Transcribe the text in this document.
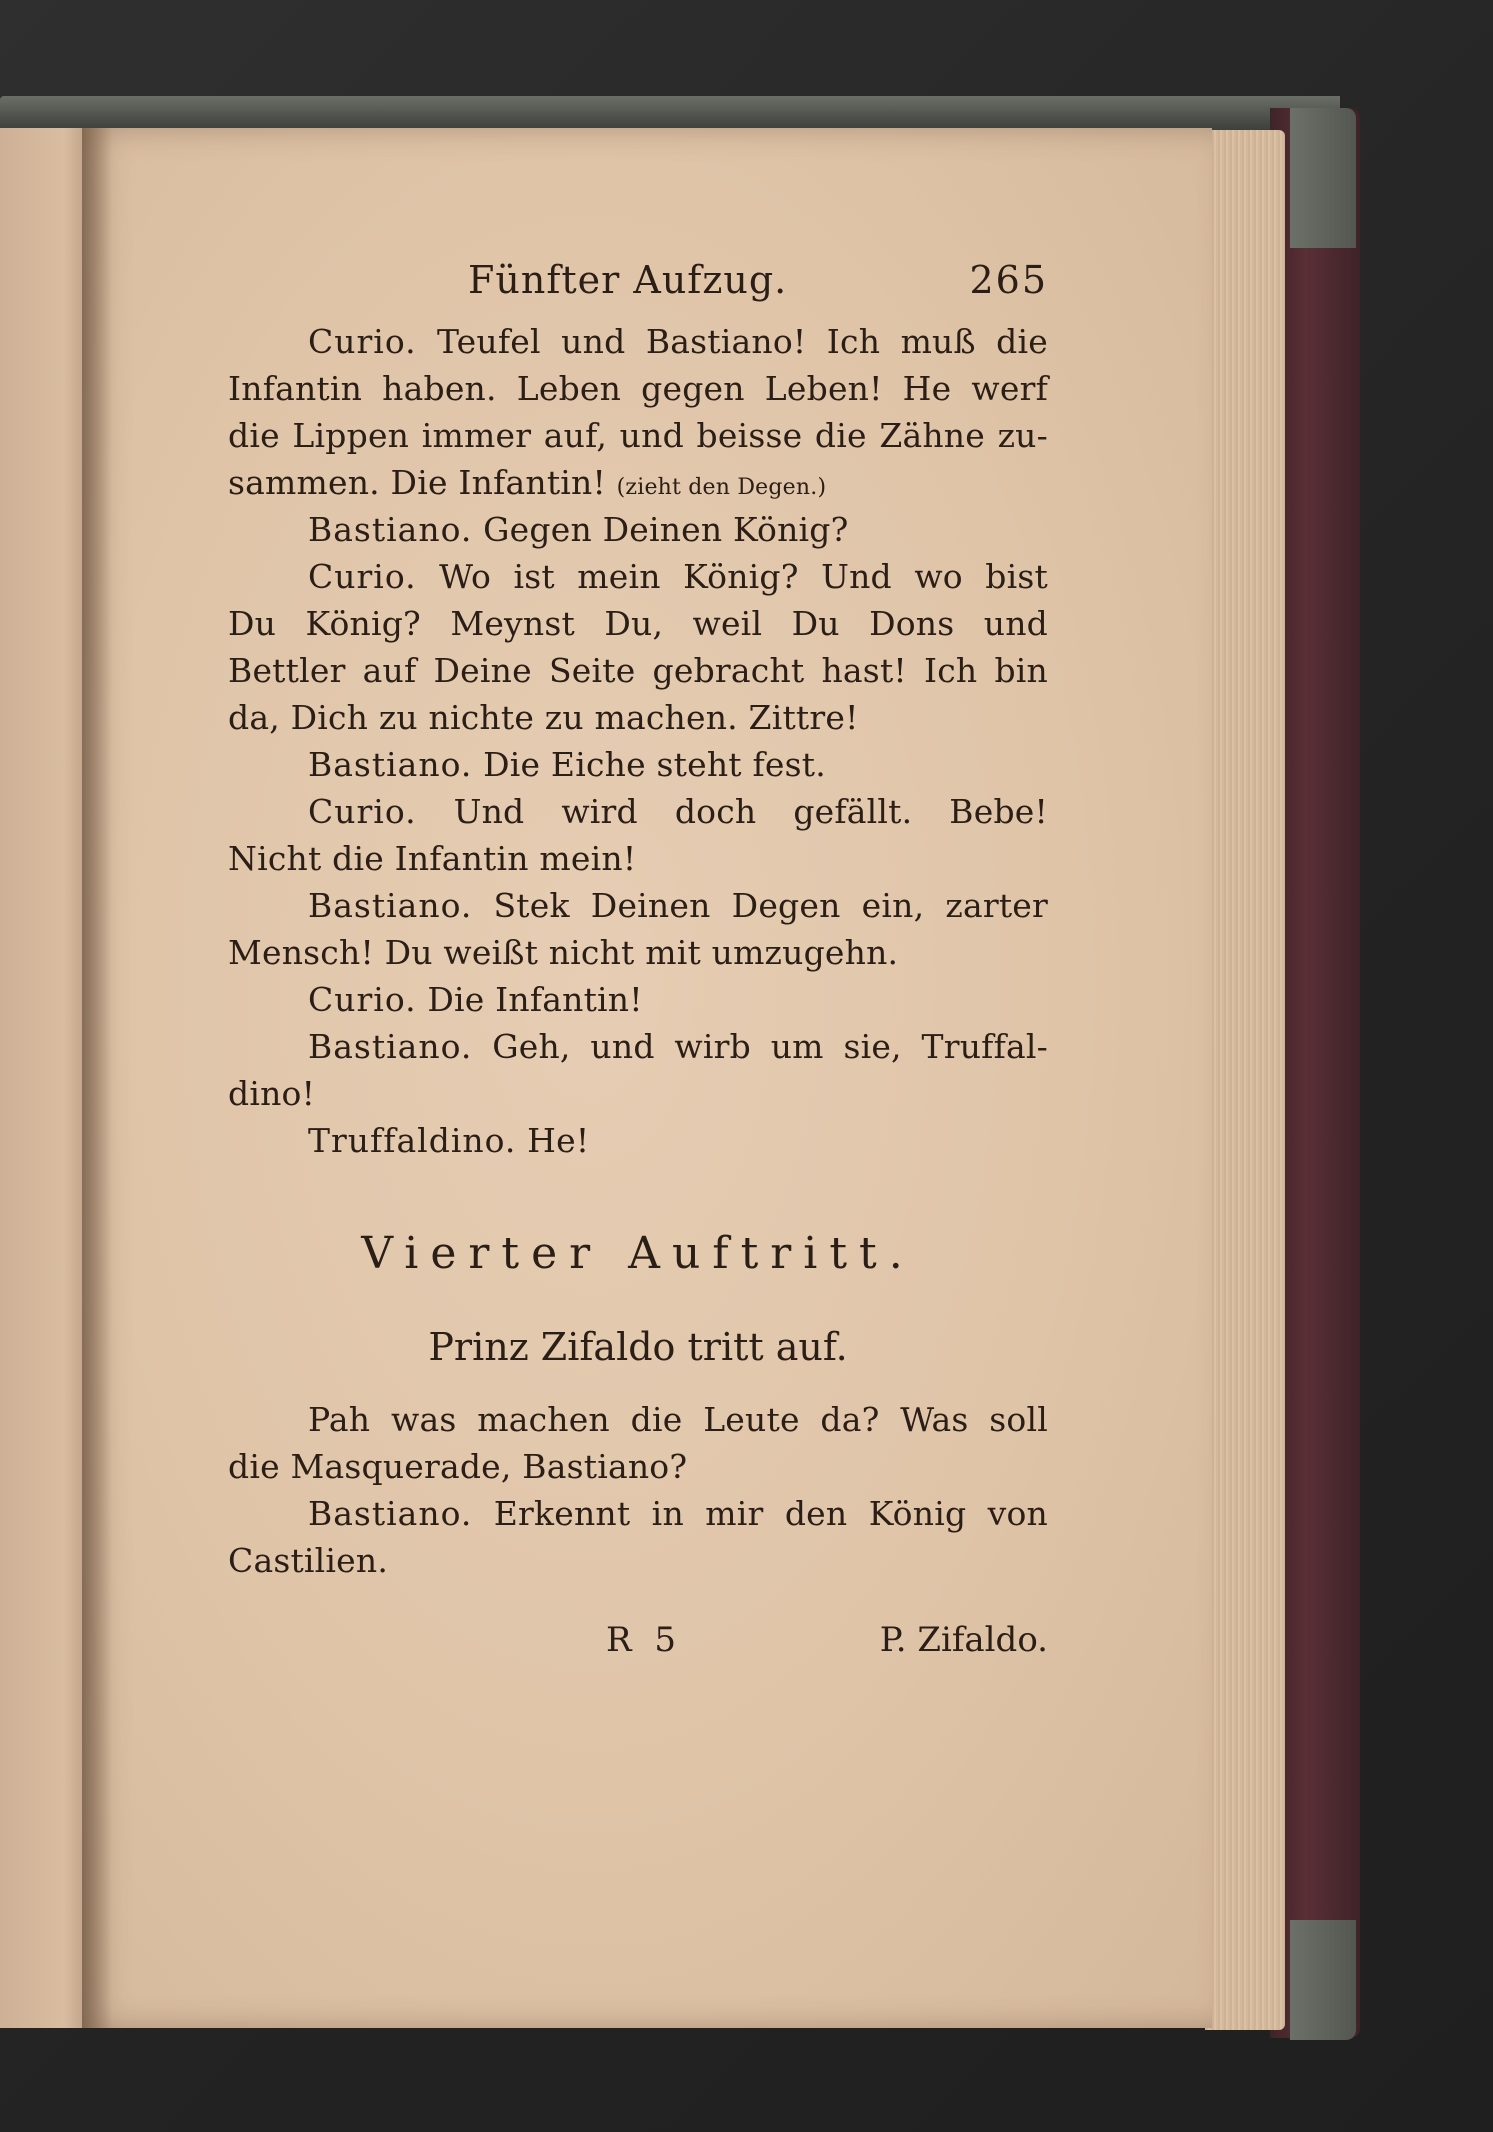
Fünfter Aufzug.	265
Curio. Teufel und Bastiano! Ich muß die
Infantin haben. Leben gegen Leben! He werf
die Lippen immer auf, und beisse die Zähne zu-
sammen. Die Infantin! (zieht den Degen.)
Bastiano. Gegen Deinen König?
Curio. Wo ist mein König? Und wo bist
Du König? Meynst Du, weil Du Dons und
Bettler auf Deine Seite gebracht hast! Ich bin
da, Dich zu nichte zu machen. Zittre!
Bastiano. Die Eiche steht fest.
Curio. Und wird doch gefällt. Bebe!
Nicht die Infantin mein!
Bastiano. Stek Deinen Degen ein, zarter
Mensch! Du weißt nicht mit umzugehn.
Curio. Die Infantin!
Bastiano. Geh, und wirb um sie, Truffal-
dino!
Truffaldino. He!
Vierter Auftritt.
Prinz Zifaldo tritt auf.
Pah was machen die Leute da? Was soll
die Masquerade, Bastiano?
Bastiano. Erkennt in mir den König von
Castilien.
R 5	P. Zifaldo.
